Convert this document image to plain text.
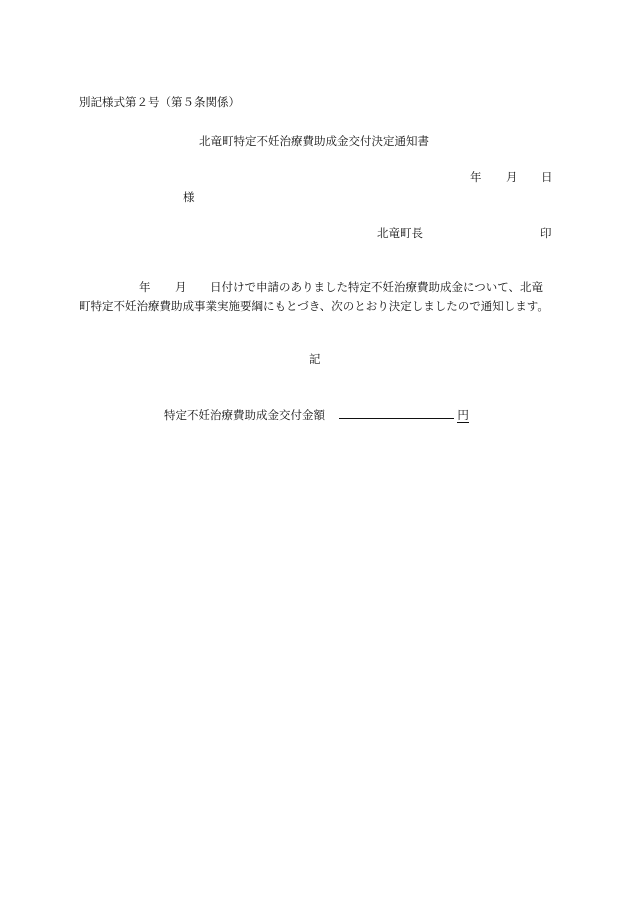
別記様式第２号（第５条関係）
北竜町特定不妊治療費助成金交付決定通知書
年 月 日
様
北竜町長	印
年 月 日付けで申請のありました特定不妊治療費助成金について、北竜
町特定不妊治療費助成事業実施要綱にもとづき、次のとおり決定しましたので通知します。
記
特定不妊治療費助成金交付金額	円
